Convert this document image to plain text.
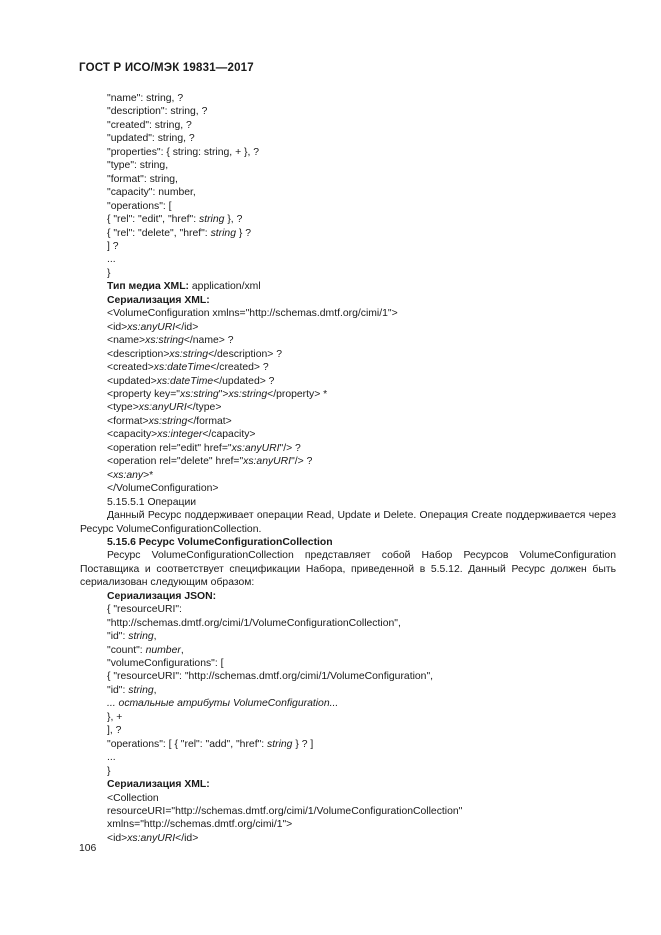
ГОСТ Р ИСО/МЭК 19831—2017
"name": string, ?
"description": string, ?
"created": string, ?
"updated": string, ?
"properties": { string: string, + }, ?
"type": string,
"format": string,
"capacity": number,
"operations": [
{ "rel": "edit", "href": string }, ?
{ "rel": "delete", "href": string } ?
] ?
...
}
Тип медиа XML: application/xml
Сериализация XML:
<VolumeConfiguration xmlns="http://schemas.dmtf.org/cimi/1">
<id>xs:anyURI</id>
<name>xs:string</name> ?
<description>xs:string</description> ?
<created>xs:dateTime</created> ?
<updated>xs:dateTime</updated> ?
<property key="xs:string">xs:string</property> *
<type>xs:anyURI</type>
<format>xs:string</format>
<capacity>xs:integer</capacity>
<operation rel="edit" href="xs:anyURI"/> ?
<operation rel="delete" href="xs:anyURI"/> ?
<xs:any>*
</VolumeConfiguration>
5.15.5.1 Операции
Данный Ресурс поддерживает операции Read, Update и Delete. Операция Create поддерживается через Ресурс VolumeConfigurationCollection.
5.15.6 Ресурс VolumeConfigurationCollection
Ресурс VolumeConfigurationCollection представляет собой Набор Ресурсов VolumeConfiguration Поставщика и соответствует спецификации Набора, приведенной в 5.5.12. Данный Ресурс должен быть сериализован следующим образом:
Сериализация JSON:
{ "resourceURI":
"http://schemas.dmtf.org/cimi/1/VolumeConfigurationCollection",
"id": string,
"count": number,
"volumeConfigurations": [
{ "resourceURI": "http://schemas.dmtf.org/cimi/1/VolumeConfiguration",
"id": string,
... остальные атрибуты VolumeConfiguration...
}, +
], ?
"operations": [ { "rel": "add", "href": string } ? ]
...
}
Сериализация XML:
<Collection
resourceURI="http://schemas.dmtf.org/cimi/1/VolumeConfigurationCollection"
xmlns="http://schemas.dmtf.org/cimi/1">
<id>xs:anyURI</id>
106
